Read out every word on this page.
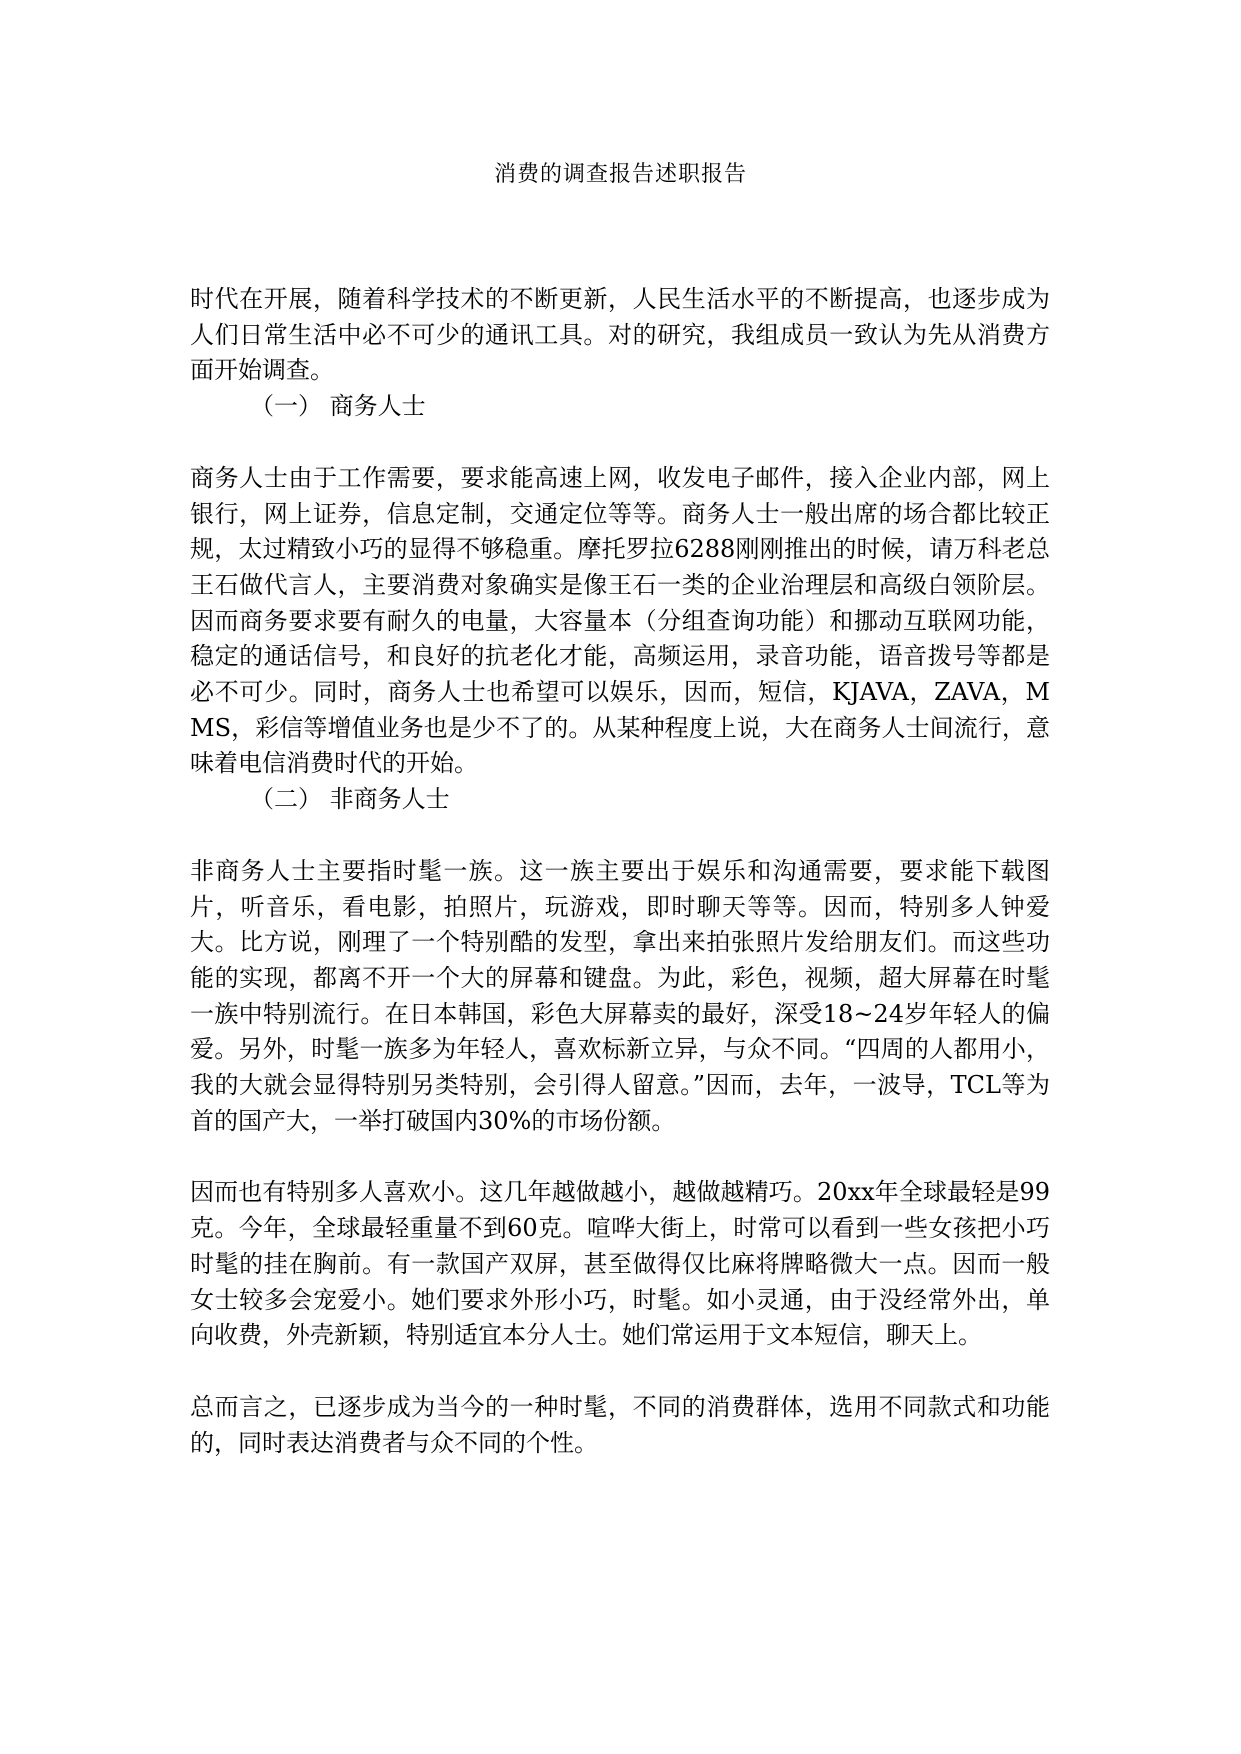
消费的调查报告述职报告

时代在开展，随着科学技术的不断更新，人民生活水平的不断提高，也逐步成为人们日常生活中必不可少的通讯工具。对的研究，我组成员一致认为先从消费方面开始调查。

（一） 商务人士

商务人士由于工作需要，要求能高速上网，收发电子邮件，接入企业内部，网上银行，网上证券，信息定制，交通定位等等。商务人士一般出席的场合都比较正规，太过精致小巧的显得不够稳重。摩托罗拉6288刚刚推出的时候，请万科老总王石做代言人，主要消费对象确实是像王石一类的企业治理层和高级白领阶层。因而商务要求要有耐久的电量，大容量本（分组查询功能）和挪动互联网功能，稳定的通话信号，和良好的抗老化才能，高频运用，录音功能，语音拨号等都是必不可少。同时，商务人士也希望可以娱乐，因而，短信，KJAVA，ZAVA，MMS，彩信等增值业务也是少不了的。从某种程度上说，大在商务人士间流行，意味着电信消费时代的开始。

（二） 非商务人士

非商务人士主要指时髦一族。这一族主要出于娱乐和沟通需要，要求能下载图片，听音乐，看电影，拍照片，玩游戏，即时聊天等等。因而，特别多人钟爱大。比方说，刚理了一个特别酷的发型，拿出来拍张照片发给朋友们。而这些功能的实现，都离不开一个大的屏幕和键盘。为此，彩色，视频，超大屏幕在时髦一族中特别流行。在日本韩国，彩色大屏幕卖的最好，深受18~24岁年轻人的偏爱。另外，时髦一族多为年轻人，喜欢标新立异，与众不同。“四周的人都用小，我的大就会显得特别另类特别，会引得人留意。”因而，去年，一波导，TCL等为首的国产大，一举打破国内30%的市场份额。

因而也有特别多人喜欢小。这几年越做越小，越做越精巧。20xx年全球最轻是99克。今年，全球最轻重量不到60克。喧哗大街上，时常可以看到一些女孩把小巧时髦的挂在胸前。有一款国产双屏，甚至做得仅比麻将牌略微大一点。因而一般女士较多会宠爱小。她们要求外形小巧，时髦。如小灵通，由于没经常外出，单向收费，外壳新颖，特别适宜本分人士。她们常运用于文本短信，聊天上。

总而言之，已逐步成为当今的一种时髦，不同的消费群体，选用不同款式和功能的，同时表达消费者与众不同的个性。
